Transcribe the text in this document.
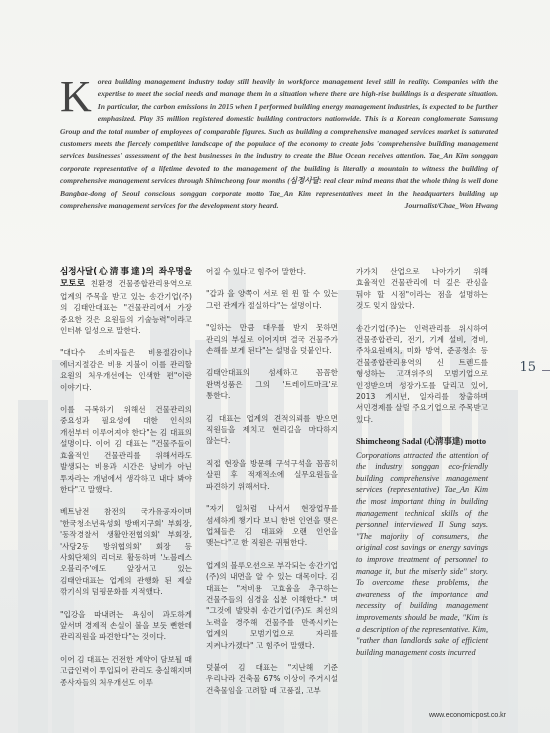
K orea building management industry today still heavily in workforce management level still in reality. Companies with the expertise to meet the social needs and manage them in a situation where there are high-rise buildings is a desperate situation. In particular, the carbon emissions in 2015 when I performed building energy management industries, is expected to be further emphasized. Play 35 million registered domestic building contractors nationwide. This is a Korean conglomerate Samsung Group and the total number of employees of comparable figures. Such as building a comprehensive managed services market is saturated customers meets the fiercely competitive landscape of the populace of the economy to create jobs 'comprehensive building management services businesses' assessment of the best businesses in the industry to create the Blue Ocean receives attention. Tae_An Kim songgan corporate representative of a lifetime devoted to the management of the building is literally a mountain to witness the building of comprehensive management services through Shimcheong four months (심정사달: real clear mind means that the whole thing is well done Bangbae-dong of Seoul conscious songgan corporate motto Tae_An Kim representatives meet in the headquarters building up comprehensive management services for the development story heard.	Journalist/Chae_Won Hwang

심정사달(心淸事達)의 좌우명을 모토로 친환경 건물종합관리용역으로 업계의 주목을 받고 있는 송간기업(주)의 김태안대표는 "건물관리에서 가장 중요한 것은 요원들의 기술능력"이라고 인터뷰 일성으로 말한다.

"대다수 소비자들은 비용절감이나 에너지절감은 비용 지불이 이를 관리할 요원의 처우개선에는 인색한 편"이란 이야기다.

이를 극복하기 위해선 건물관리의 중요성과 필요성에 대한 인식의 개선부터 이루어져야 한다"는 김 대표의 설명이다. 이어 김 대표는 "건물주들이 효율적인 건물관리를 위해서라도 발생되는 비용과 시간은 낭비가 아닌 투자라는 개념에서 생각하고 내다 봐야 한다"고 말했다.

베트남전 참전의 국가유공자이며 '한국청소년육성회 방배지구회' 부회장, '동작경찰서 생활안전협의회' 부회장, '사당2동 방위협의회' 회장 등 사회단체의 리더로 활동하며 '노블레스 오블리주'에도 앞장서고 있는 김태안대표는 업계의 관행화 된 제살 깎기식의 덤핑문화를 지적했다.

"입강을 따내려는 욕심이 과도하게 앞서며 경제적 손실이 불을 보듯 뻔한데 관리직원을 파견한다"는 것이다.

이어 김 대표는 건전한 계약이 담보될 때 고급인력이 투입되어 관리도 충실해지며 종사자들의 처우개선도 이루

어질 수 있다고 힘주어 말한다.

"갑과 을 양쪽이 서로 윈 윈 할 수 있는 그런 관계가 절실하다"는 설명이다.

"일하는 만큼 대우를 받지 못하면 관리의 부실로 이어지며 결국 건물주가 손해를 보게 된다"는 설명을 덧붙인다.

김태안대표의 섬세하고 꼼꼼한 완벽성품은 그의 '트레이드마크'로 통한다.

김 대표는 업계의 견적의뢰를 받으면 직원들을 제치고 현리길을 마다하지 않는다.

직접 현장을 방문해 구석구석을 꼼꼼히 살핀 후 적재적소에 실무요원들을 파견하기 위해서다.

"자기 일처럼 나서서 현장업무를 섬세하게 챙기다 보니 한번 인연을 맺은 업체들은 김 대표와 오랜 인연을 맺는다"고 한 직원은 귀띔한다.

업계의 블루오션으로 부각되는 송간기업(주)의 내면을 알 수 있는 대목이다. 김 대표는 "저비용 고효율을 추구하는 건물주들의 심경을 십분 이해한다." 며 "그것에 발맞춰 송간기업(주)도 최선의 노력을 경주해 건물주를 만족시키는 업계의 모범기업으로 자리를 지켜나가겠다" 고 힘주어 말했다.

덧붙여 김 대표는 "지난해 기준 우리나라 건축물 67% 이상이 주거시설 건축물임을 고려할 때 고품질, 고부

가가치 산업으로 나아가기 위해 효율적인 건물관리에 더 깊은 관심을 둬야 할 시점"이라는 점을 설명하는 것도 잊지 않았다.

송간기업(주)는 인력관리를 위시하여 건물종합관리, 전기, 기계 설비, 경비, 주차요원배치, 미화 방역, 준공청소 등 건물종합관리용역의 신 트렌드를 형성하는 고객위주의 모범기업으로 인정받으며 성장가도를 달리고 있어, 2013 게시년, 일자리를 창출하며 서민경제를 살릴 주요기업으로 주목받고 있다.

Shimcheong Sadal (心淸事達) motto
Corporations attracted the attention of the industry songgan eco-friendly building comprehensive management services (representative) Tae_An Kim the most important thing in building management technical skills of the personnel interviewed Il Sung says. "The majority of consumers, the original cost savings or energy savings to improve treatment of personnel to manage it, but the miserly side" story. To overcome these problems, the awareness of the importance and necessity of building management improvements should be made, "Kim is a description of the representative. Kim, "rather than landlords sake of efficient building management costs incurred
15
www.economicpost.co.kr
